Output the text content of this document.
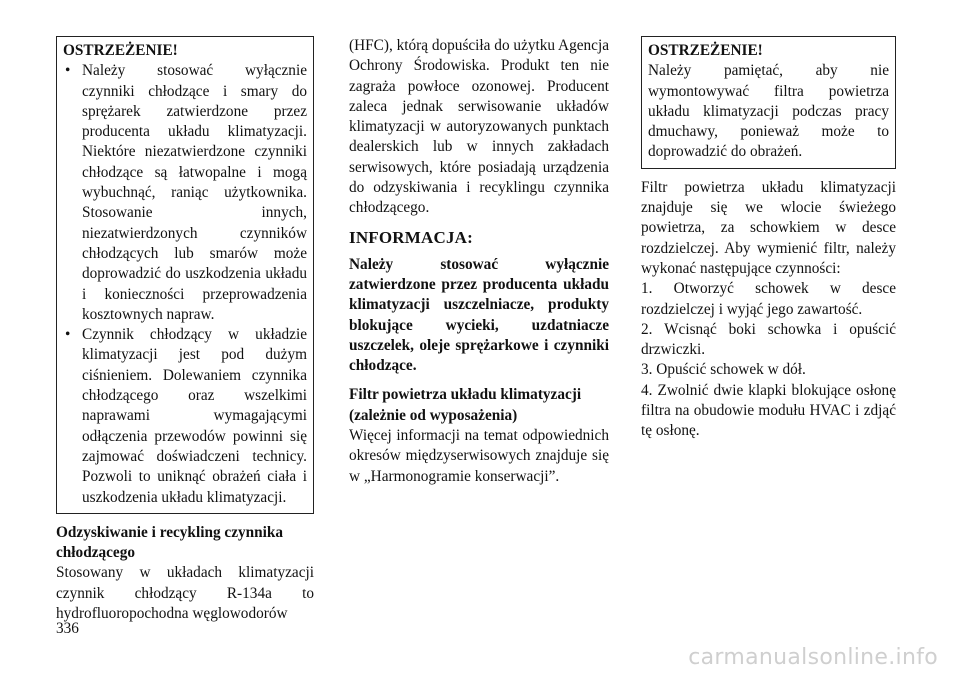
OSTRZEŻENIE!
• Należy stosować wyłącznie czynniki chłodzące i smary do sprężarek zatwierdzone przez producenta układu klimatyzacji. Niektóre niezatwierdzone czynniki chłodzące są łatwopalne i mogą wybuchnąć, raniąc użytkownika. Stosowanie innych, niezatwierdzonych czynników chłodzących lub smarów może doprowadzić do uszkodzenia układu i konieczności przeprowadzenia kosztownych napraw.
• Czynnik chłodzący w układzie klimatyzacji jest pod dużym ciśnieniem. Dolewaniem czynnika chłodzącego oraz wszelkimi naprawami wymagającymi odłączenia przewodów powinni się zajmować doświadczeni technicy. Pozwoli to uniknąć obrażeń ciała i uszkodzenia układu klimatyzacji.
Odzyskiwanie i recykling czynnika chłodzącego

Stosowany w układach klimatyzacji czynnik chłodzący R-134a to hydrofluoropochodna węglowodorów

(HFC), którą dopuściła do użytku Agencja Ochrony Środowiska. Produkt ten nie zagraża powłoce ozonowej. Producent zaleca jednak serwisowanie układów klimatyzacji w autoryzowanych punktach dealerskich lub w innych zakładach serwisowych, które posiadają urządzenia do odzyskiwania i recyklingu czynnika chłodzącego.

INFORMACJA:

Należy stosować wyłącznie zatwierdzone przez producenta układu klimatyzacji uszczelniacze, produkty blokujące wycieki, uzdatniacze uszczelek, oleje sprężarkowe i czynniki chłodzące.

Filtr powietrza układu klimatyzacji (zależnie od wyposażenia)

Więcej informacji na temat odpowiednich okresów międzyserwisowych znajduje się w „Harmonogramie konserwacji”.

OSTRZEŻENIE!

Należy pamiętać, aby nie wymontowywać filtra powietrza układu klimatyzacji podczas pracy dmuchawy, ponieważ może to doprowadzić do obrażeń.

Filtr powietrza układu klimatyzacji znajduje się we wlocie świeżego powietrza, za schowkiem w desce rozdzielczej. Aby wymienić filtr, należy wykonać następujące czynności:

1. Otworzyć schowek w desce rozdzielczej i wyjąć jego zawartość.

2. Wcisnąć boki schowka i opuścić drzwiczki.

3. Opuścić schowek w dół.

4. Zwolnić dwie klapki blokujące osłonę filtra na obudowie modułu HVAC i zdjąć tę osłonę.

336
carmanualsonline.info
